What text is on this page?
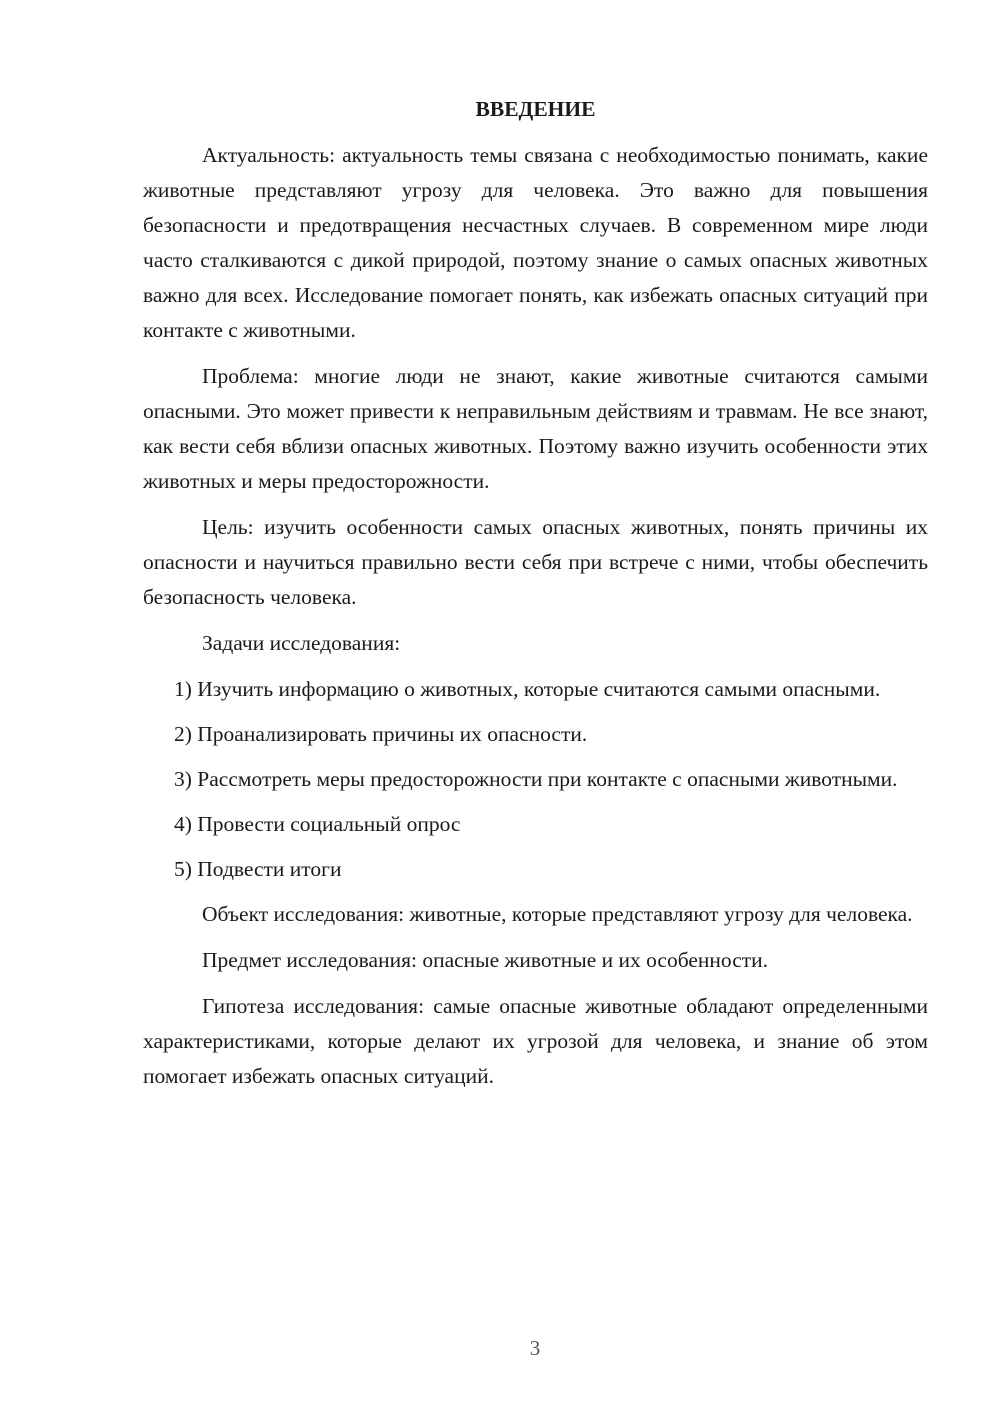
ВВЕДЕНИЕ

Актуальность: актуальность темы связана с необходимостью понимать, какие животные представляют угрозу для человека. Это важно для повышения безопасности и предотвращения несчастных случаев. В современном мире люди часто сталкиваются с дикой природой, поэтому знание о самых опасных животных важно для всех. Исследование помогает понять, как избежать опасных ситуаций при контакте с животными.

Проблема: многие люди не знают, какие животные считаются самыми опасными. Это может привести к неправильным действиям и травмам. Не все знают, как вести себя вблизи опасных животных. Поэтому важно изучить особенности этих животных и меры предосторожности.

Цель: изучить особенности самых опасных животных, понять причины их опасности и научиться правильно вести себя при встрече с ними, чтобы обеспечить безопасность человека.

Задачи исследования:

1) Изучить информацию о животных, которые считаются самыми опасными.

2) Проанализировать причины их опасности.

3) Рассмотреть меры предосторожности при контакте с опасными животными.

4) Провести социальный опрос

5) Подвести итоги

Объект исследования: животные, которые представляют угрозу для человека.

Предмет исследования: опасные животные и их особенности.

Гипотеза исследования: самые опасные животные обладают определенными характеристиками, которые делают их угрозой для человека, и знание об этом помогает избежать опасных ситуаций.

3
